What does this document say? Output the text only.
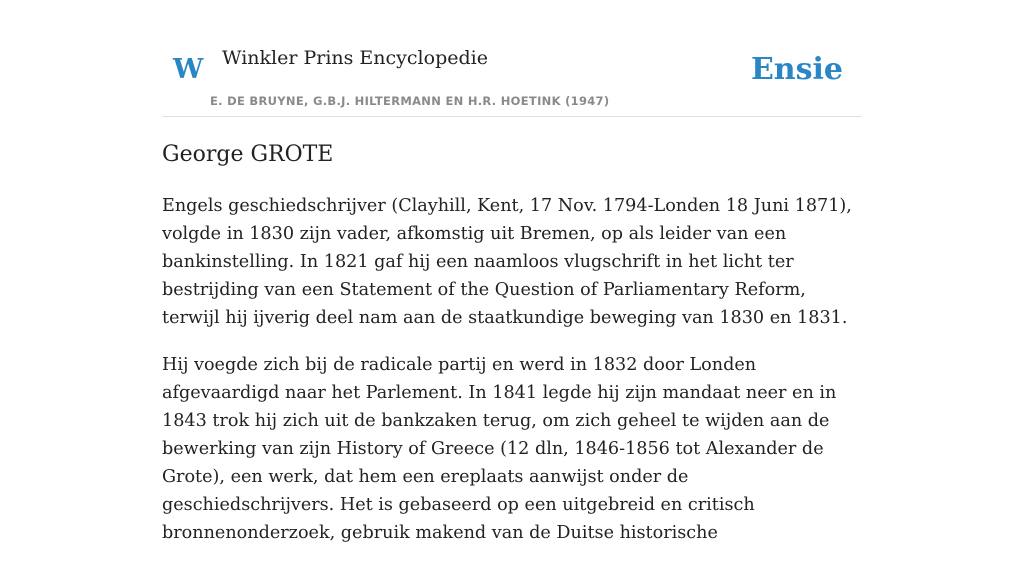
W Winkler Prins Encyclopedie
E. DE BRUYNE, G.B.J. HILTERMANN EN H.R. HOETINK (1947)
Ensie
George GROTE

Engels geschiedschrijver (Clayhill, Kent, 17 Nov. 1794-Londen 18 Juni 1871), volgde in 1830 zijn vader, afkomstig uit Bremen, op als leider van een bankinstelling. In 1821 gaf hij een naamloos vlugschrift in het licht ter bestrijding van een Statement of the Question of Parliamentary Reform, terwijl hij ijverig deel nam aan de staatkundige beweging van 1830 en 1831.

Hij voegde zich bij de radicale partij en werd in 1832 door Londen afgevaardigd naar het Parlement. In 1841 legde hij zijn mandaat neer en in 1843 trok hij zich uit de bankzaken terug, om zich geheel te wijden aan de bewerking van zijn History of Greece (12 dln, 1846-1856 tot Alexander de Grote), een werk, dat hem een ereplaats aanwijst onder de geschiedschrijvers. Het is gebaseerd op een uitgebreid en critisch bronnenonderzoek, gebruik makend van de Duitse historische
